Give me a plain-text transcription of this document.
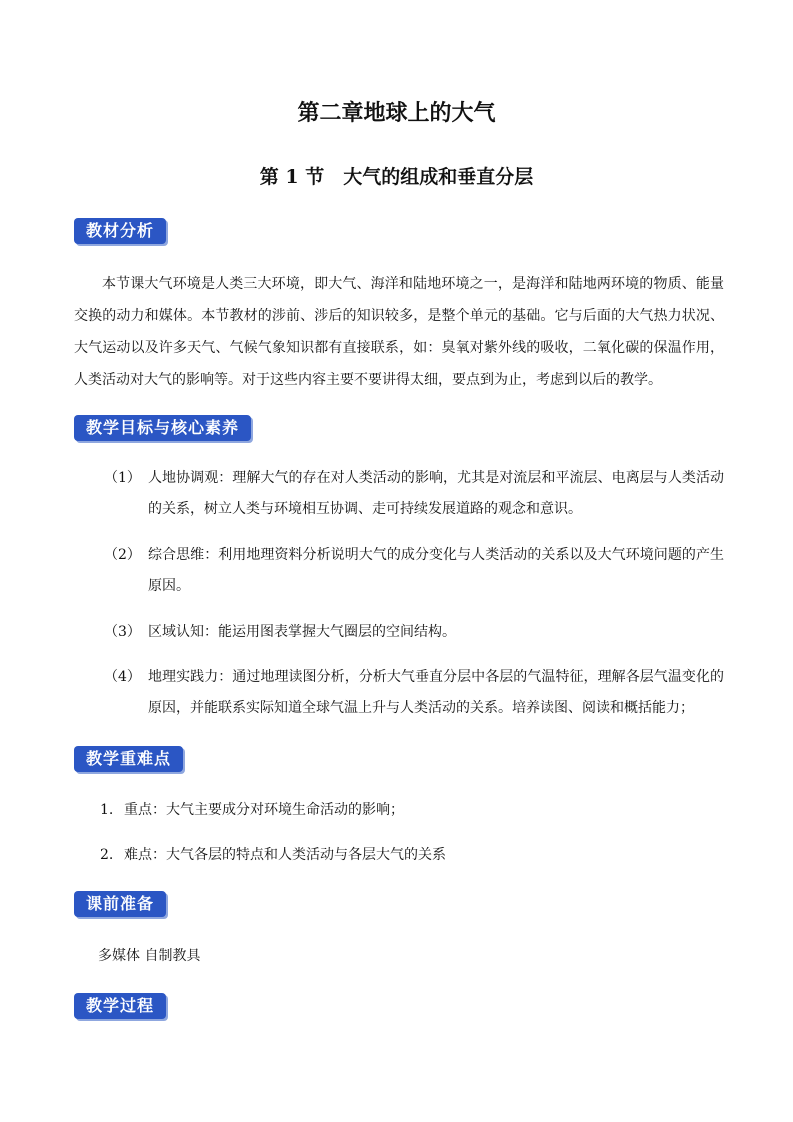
第二章地球上的大气
第 1 节　大气的组成和垂直分层
教材分析
本节课大气环境是人类三大环境，即大气、海洋和陆地环境之一，是海洋和陆地两环境的物质、能量交换的动力和媒体。本节教材的涉前、涉后的知识较多，是整个单元的基础。它与后面的大气热力状况、大气运动以及许多天气、气候气象知识都有直接联系，如：臭氧对紫外线的吸收，二氧化碳的保温作用，人类活动对大气的影响等。对于这些内容主要不要讲得太细，要点到为止，考虑到以后的教学。
教学目标与核心素养
（1） 人地协调观：理解大气的存在对人类活动的影响，尤其是对流层和平流层、电离层与人类活动的关系，树立人类与环境相互协调、走可持续发展道路的观念和意识。
（2） 综合思维：利用地理资料分析说明大气的成分变化与人类活动的关系以及大气环境问题的产生原因。
（3） 区域认知：能运用图表掌握大气圈层的空间结构。
（4） 地理实践力：通过地理读图分析，分析大气垂直分层中各层的气温特征，理解各层气温变化的原因，并能联系实际知道全球气温上升与人类活动的关系。培养读图、阅读和概括能力；
教学重难点
1. 重点：大气主要成分对环境生命活动的影响；
2. 难点：大气各层的特点和人类活动与各层大气的关系
课前准备
多媒体 自制教具
教学过程
